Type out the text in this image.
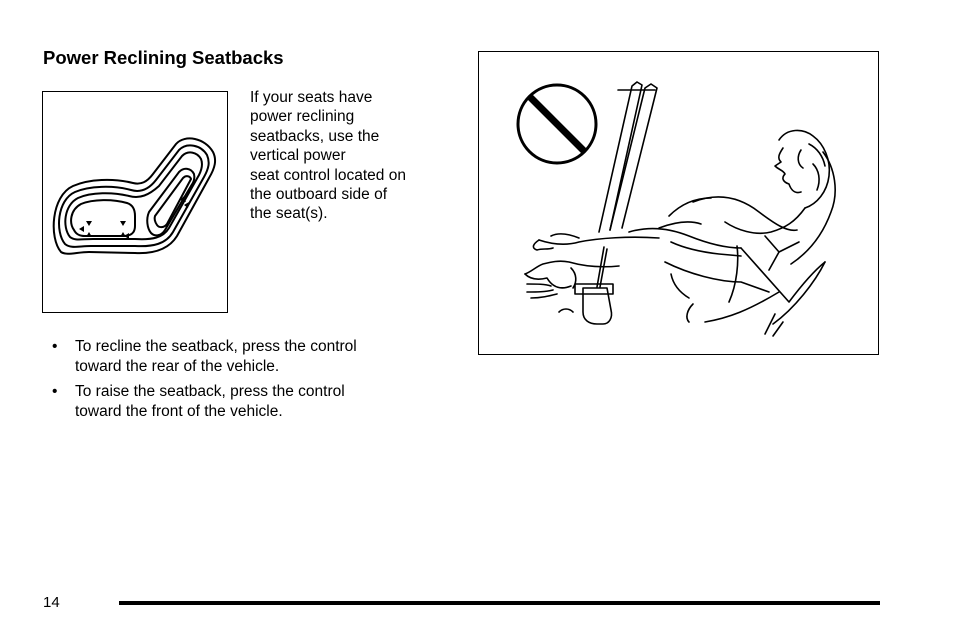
Power Reclining Seatbacks
If your seats have
power reclining
seatbacks, use the
vertical power
seat control located on
the outboard side of
the seat(s).
• To recline the seatback, press the control
toward the rear of the vehicle.
• To raise the seatback, press the control
toward the front of the vehicle.
14
